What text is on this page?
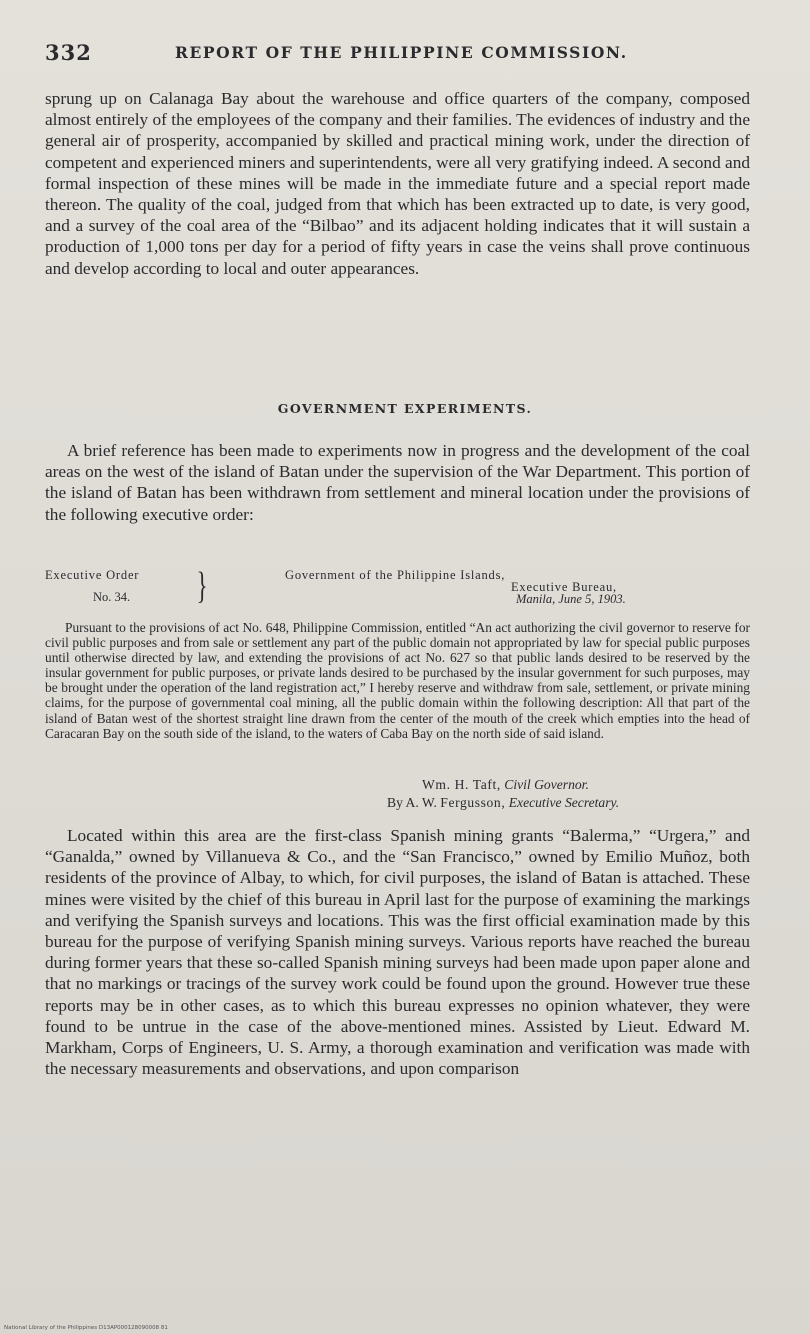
332	REPORT OF THE PHILIPPINE COMMISSION.

sprung up on Calanaga Bay about the warehouse and office quarters of the company, composed almost entirely of the employees of the company and their families. The evidences of industry and the general air of prosperity, accompanied by skilled and practical mining work, under the direction of competent and experienced miners and superintendents, were all very gratifying indeed. A second and formal inspection of these mines will be made in the immediate future and a special report made thereon. The quality of the coal, judged from that which has been extracted up to date, is very good, and a survey of the coal area of the “Bilbao” and its adjacent holding indicates that it will sustain a production of 1,000 tons per day for a period of fifty years in case the veins shall prove continuous and develop according to local and outer appearances.

GOVERNMENT EXPERIMENTS.

A brief reference has been made to experiments now in progress and the development of the coal areas on the west of the island of Batan under the supervision of the War Department. This portion of the island of Batan has been withdrawn from settlement and mineral location under the provisions of the following executive order:

Executive Order
No. 34. }	Government of the Philippine Islands,
Executive Bureau,
Manila, June 5, 1903.

Pursuant to the provisions of act No. 648, Philippine Commission, entitled “An act authorizing the civil governor to reserve for civil public purposes and from sale or settlement any part of the public domain not appropriated by law for special public purposes until otherwise directed by law, and extending the provisions of act No. 627 so that public lands desired to be reserved by the insular government for public purposes, or private lands desired to be purchased by the insular government for such purposes, may be brought under the operation of the land registration act,” I hereby reserve and withdraw from sale, settlement, or private mining claims, for the purpose of governmental coal mining, all the public domain within the following description: All that part of the island of Batan west of the shortest straight line drawn from the center of the mouth of the creek which empties into the head of Caracaran Bay on the south side of the island, to the waters of Caba Bay on the north side of said island.

Wm. H. Taft, Civil Governor.
By A. W. Fergusson, Executive Secretary.

Located within this area are the first-class Spanish mining grants “Balerma,” “Urgera,” and “Ganalda,” owned by Villanueva & Co., and the “San Francisco,” owned by Emilio Muñoz, both residents of the province of Albay, to which, for civil purposes, the island of Batan is attached. These mines were visited by the chief of this bureau in April last for the purpose of examining the markings and verifying the Spanish surveys and locations. This was the first official examination made by this bureau for the purpose of verifying Spanish mining surveys. Various reports have reached the bureau during former years that these so-called Spanish mining surveys had been made upon paper alone and that no markings or tracings of the survey work could be found upon the ground. However true these reports may be in other cases, as to which this bureau expresses no opinion whatever, they were found to be untrue in the case of the above-mentioned mines. Assisted by Lieut. Edward M. Markham, Corps of Engineers, U. S. Army, a thorough examination and verification was made with the necessary measurements and observations, and upon comparison

National Library of the Philippines D13AP000128090008 81
